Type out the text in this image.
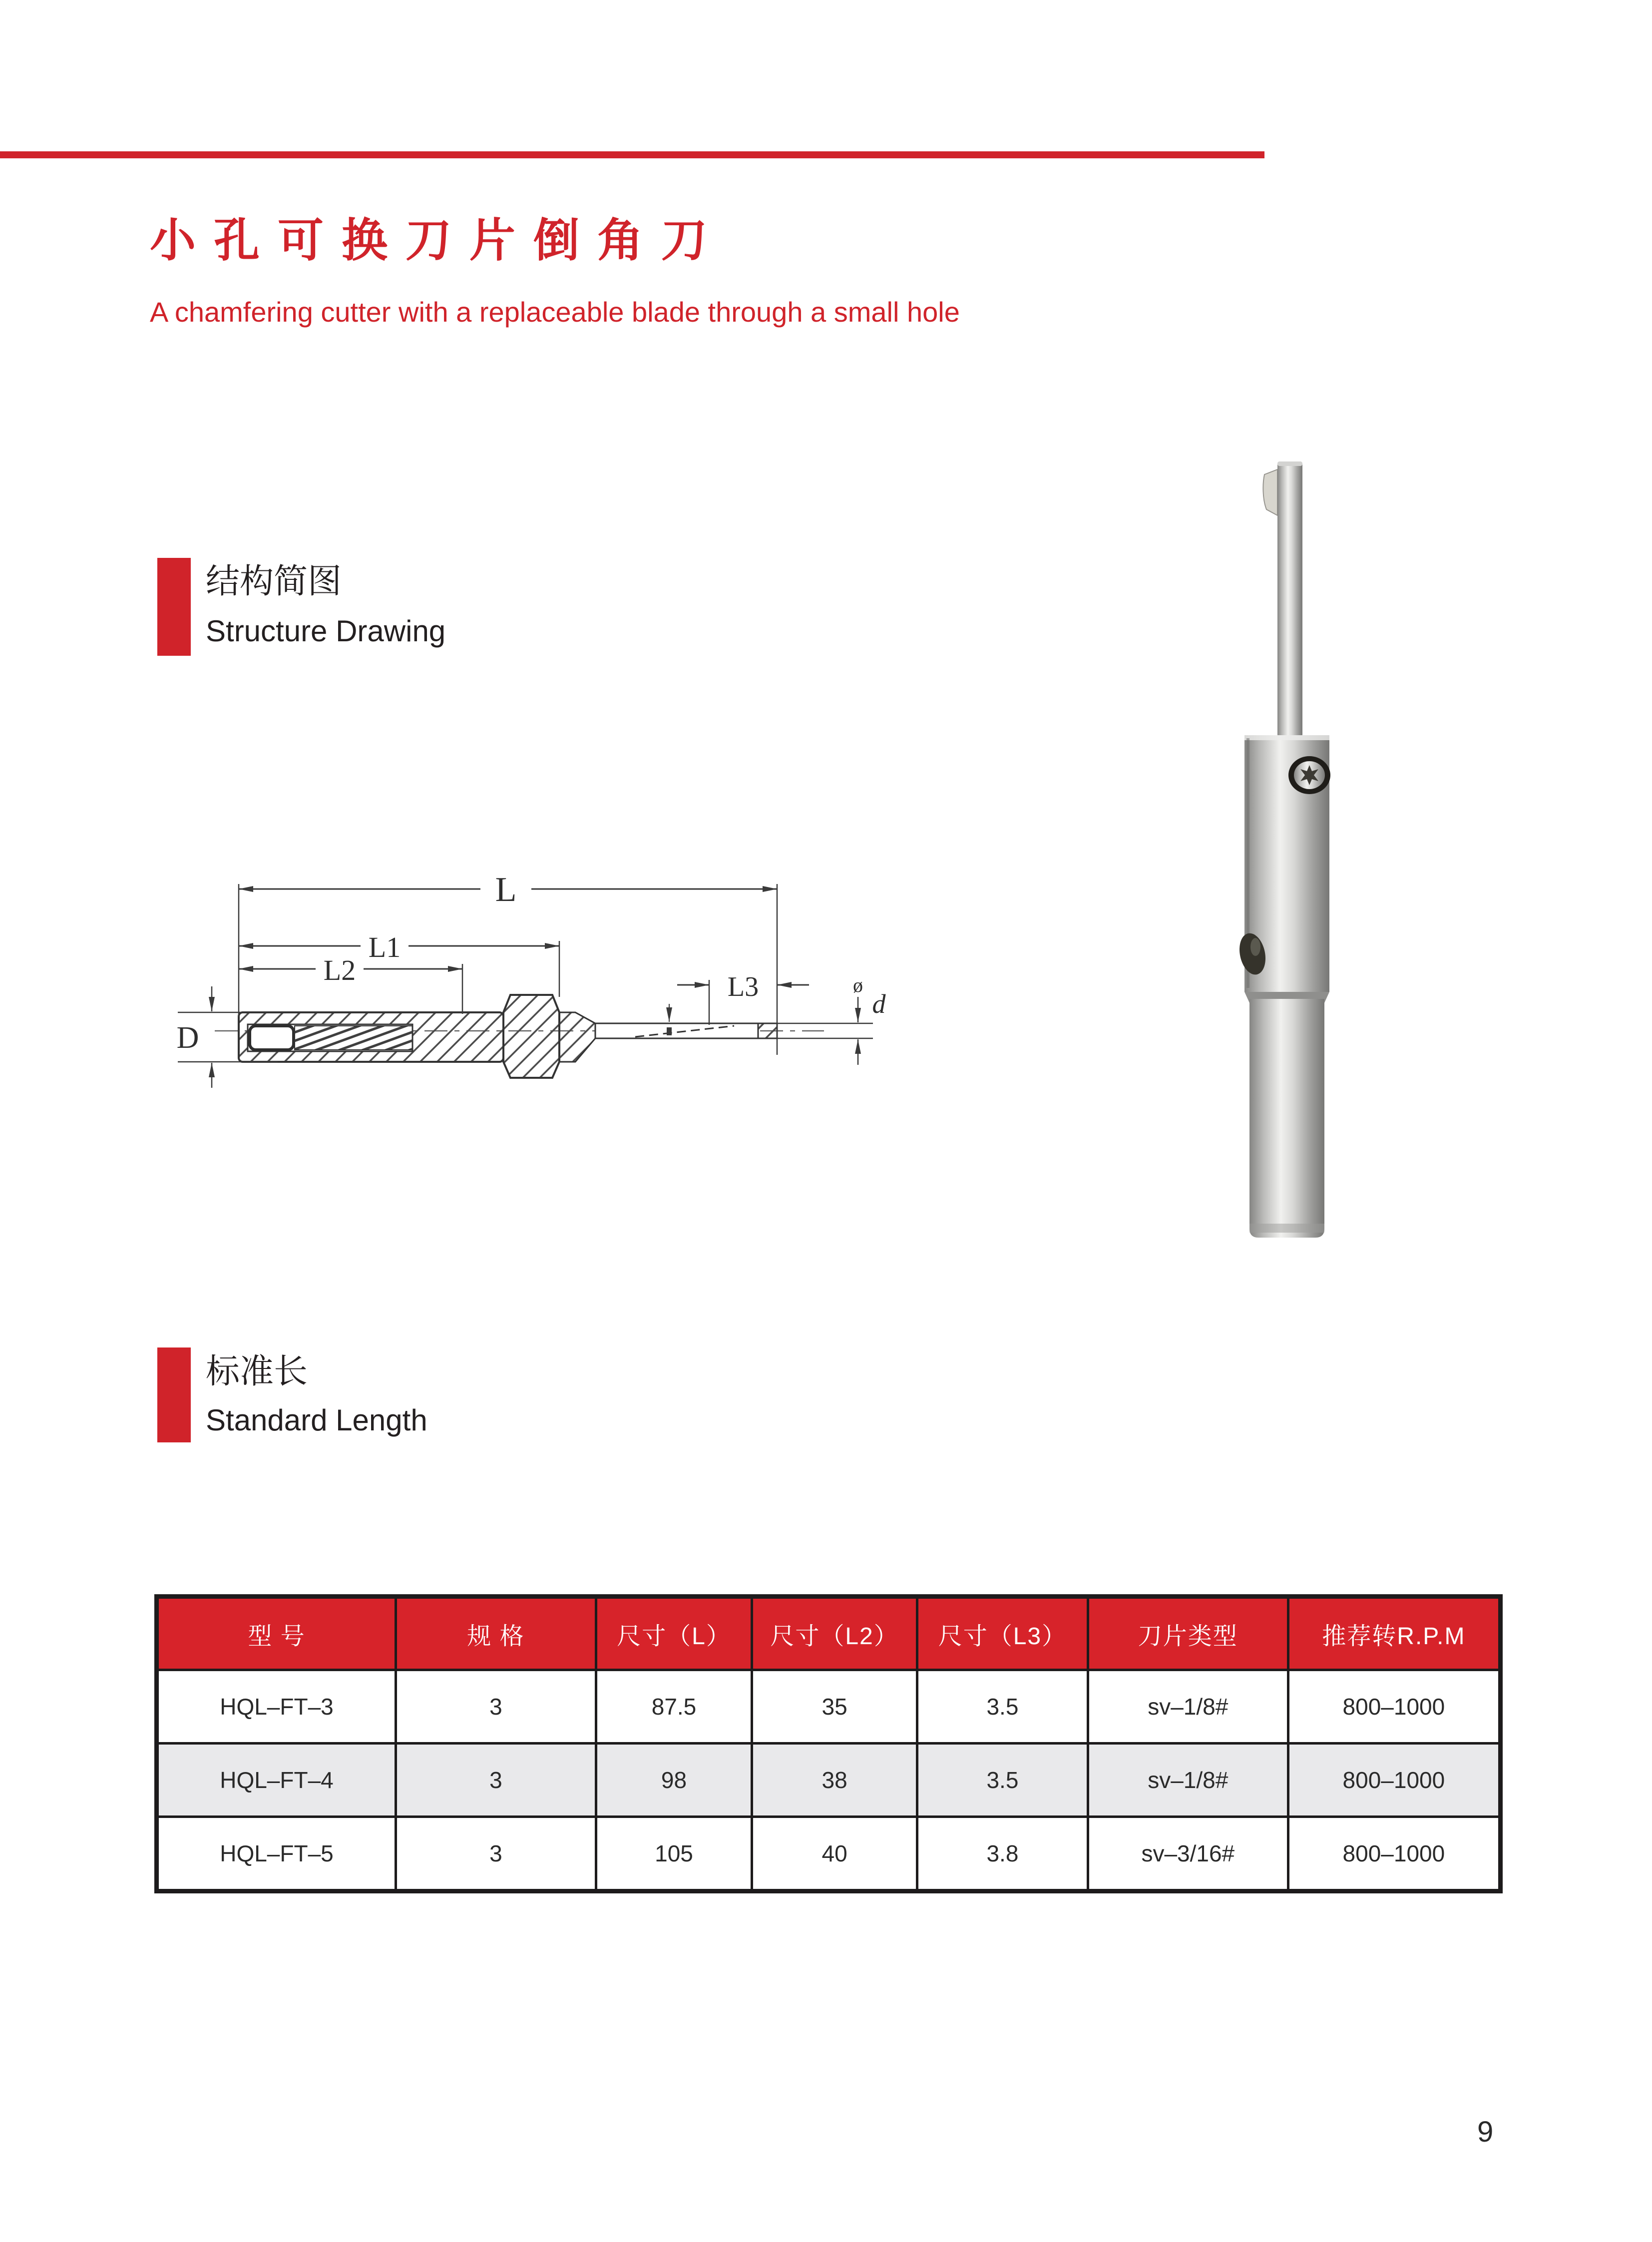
小孔可换刀片倒角刀
A chamfering cutter with a replaceable blade through a small hole
结构简图
Structure Drawing
L
L1
L2
L3
D
ø
d
标准长
Standard Length
型 号	规 格	尺寸（L）	尺寸（L2）	尺寸（L3）	刀片类型	推荐转R.P.M
HQL–FT–3	3	87.5	35	3.5	sv–1/8#	800–1000
HQL–FT–4	3	98	38	3.5	sv–1/8#	800–1000
HQL–FT–5	3	105	40	3.8	sv–3/16#	800–1000
9
